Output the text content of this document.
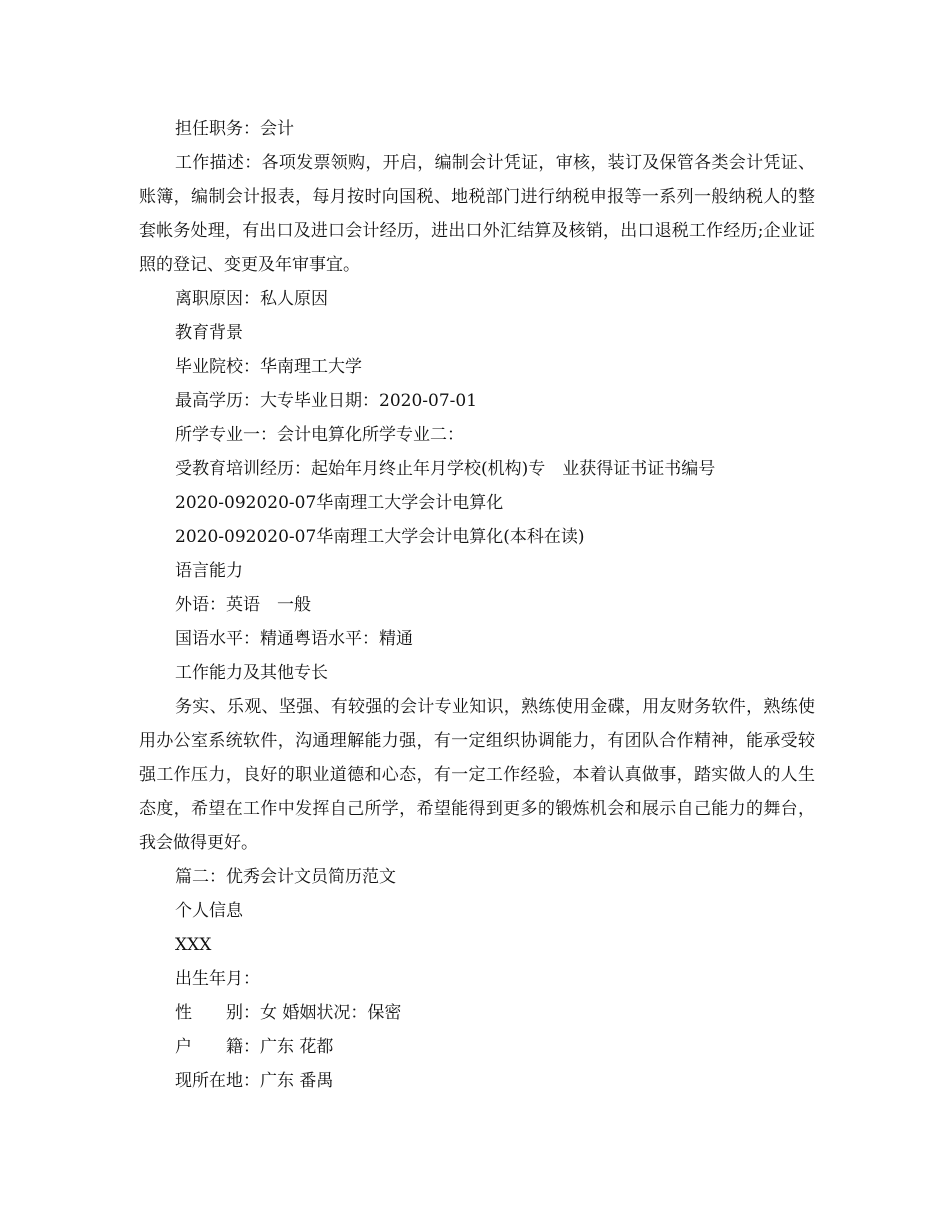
担任职务：会计

工作描述：各项发票领购，开启，编制会计凭证，审核，装订及保管各类会计凭证、账簿，编制会计报表，每月按时向国税、地税部门进行纳税申报等一系列一般纳税人的整套帐务处理，有出口及进口会计经历，进出口外汇结算及核销，出口退税工作经历;企业证照的登记、变更及年审事宜。

离职原因：私人原因

教育背景

毕业院校：华南理工大学

最高学历：大专毕业日期：2020-07-01

所学专业一：会计电算化所学专业二：

受教育培训经历：起始年月终止年月学校(机构)专　业获得证书证书编号

2020-092020-07华南理工大学会计电算化

2020-092020-07华南理工大学会计电算化(本科在读)

语言能力

外语：英语　一般

国语水平：精通粤语水平：精通

工作能力及其他专长

务实、乐观、坚强、有较强的会计专业知识，熟练使用金碟，用友财务软件，熟练使用办公室系统软件，沟通理解能力强，有一定组织协调能力，有团队合作精神，能承受较强工作压力，良好的职业道德和心态，有一定工作经验，本着认真做事，踏实做人的人生态度，希望在工作中发挥自己所学，希望能得到更多的锻炼机会和展示自己能力的舞台，我会做得更好。

篇二：优秀会计文员简历范文

个人信息

XXX

出生年月：

性　　别：女 婚姻状况：保密

户　　籍：广东 花都

现所在地：广东 番禺
